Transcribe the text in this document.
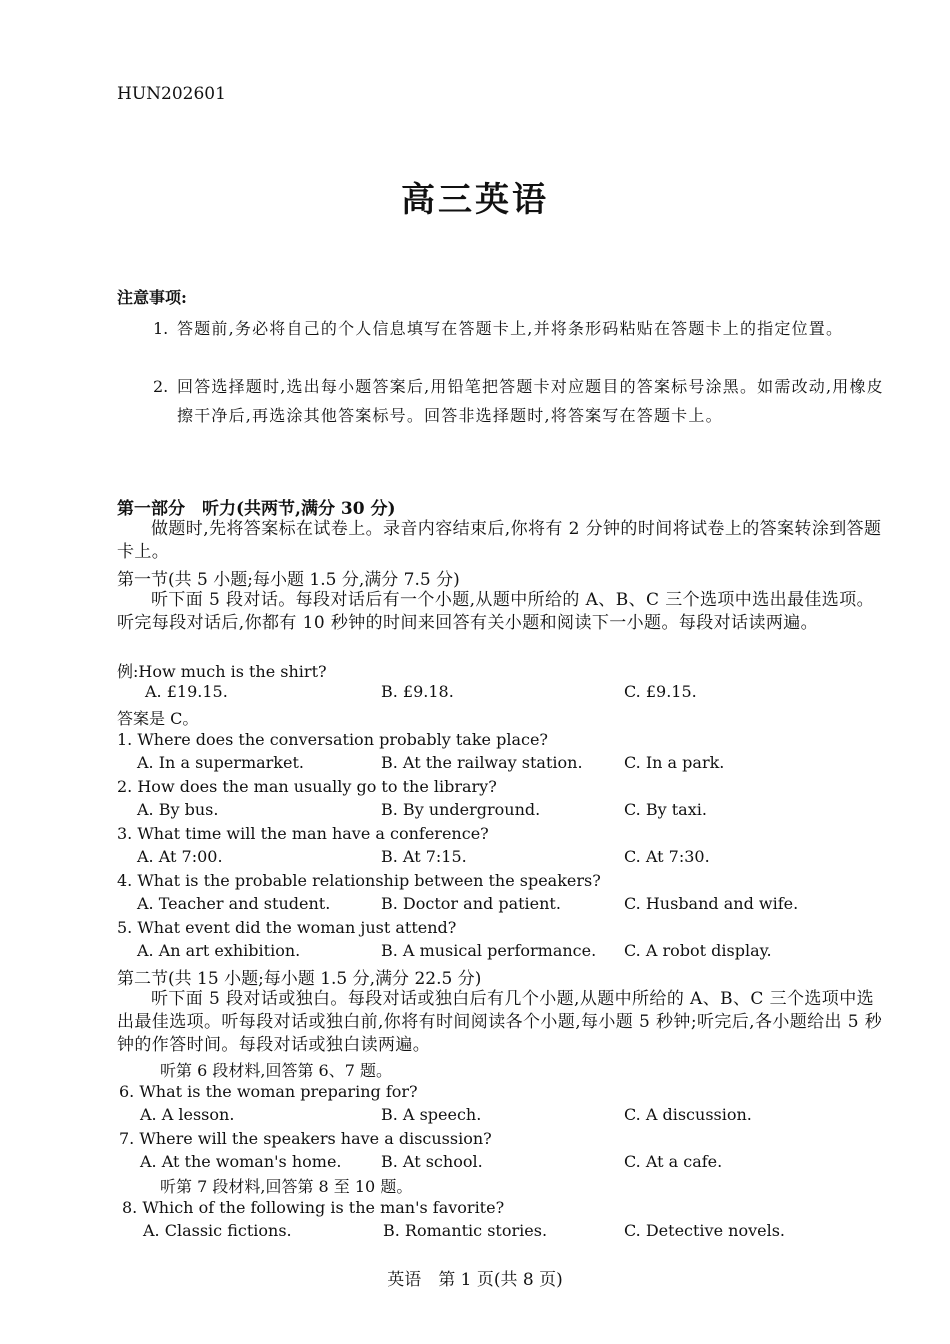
HUN202601
高三英语
注意事项:
1. 答题前,务必将自己的个人信息填写在答题卡上,并将条形码粘贴在答题卡上的指定位置。
2. 回答选择题时,选出每小题答案后,用铅笔把答题卡对应题目的答案标号涂黑。如需改动,用橡皮擦干净后,再选涂其他答案标号。回答非选择题时,将答案写在答题卡上。
第一部分　听力(共两节,满分 30 分)
做题时,先将答案标在试卷上。录音内容结束后,你将有 2 分钟的时间将试卷上的答案转涂到答题卡上。
第一节(共 5 小题;每小题 1.5 分,满分 7.5 分)
听下面 5 段对话。每段对话后有一个小题,从题中所给的 A、B、C 三个选项中选出最佳选项。听完每段对话后,你都有 10 秒钟的时间来回答有关小题和阅读下一小题。每段对话读两遍。
例:How much is the shirt?
A. £19.15.	B. £9.18.	C. £9.15.
答案是 C。
1. Where does the conversation probably take place?
A. In a supermarket.	B. At the railway station.	C. In a park.
2. How does the man usually go to the library?
A. By bus.	B. By underground.	C. By taxi.
3. What time will the man have a conference?
A. At 7:00.	B. At 7:15.	C. At 7:30.
4. What is the probable relationship between the speakers?
A. Teacher and student.	B. Doctor and patient.	C. Husband and wife.
5. What event did the woman just attend?
A. An art exhibition.	B. A musical performance. C. A robot display.
第二节(共 15 小题;每小题 1.5 分,满分 22.5 分)
听下面 5 段对话或独白。每段对话或独白后有几个小题,从题中所给的 A、B、C 三个选项中选出最佳选项。听每段对话或独白前,你将有时间阅读各个小题,每小题 5 秒钟;听完后,各小题给出 5 秒钟的作答时间。每段对话或独白读两遍。
听第 6 段材料,回答第 6、7 题。
6. What is the woman preparing for?
A. A lesson.	B. A speech.	C. A discussion.
7. Where will the speakers have a discussion?
A. At the woman's home. B. At school.	C. At a cafe.
听第 7 段材料,回答第 8 至 10 题。
8. Which of the following is the man's favorite?
A. Classic fictions.	B. Romantic stories.	C. Detective novels.
英语　第 1 页(共 8 页)
